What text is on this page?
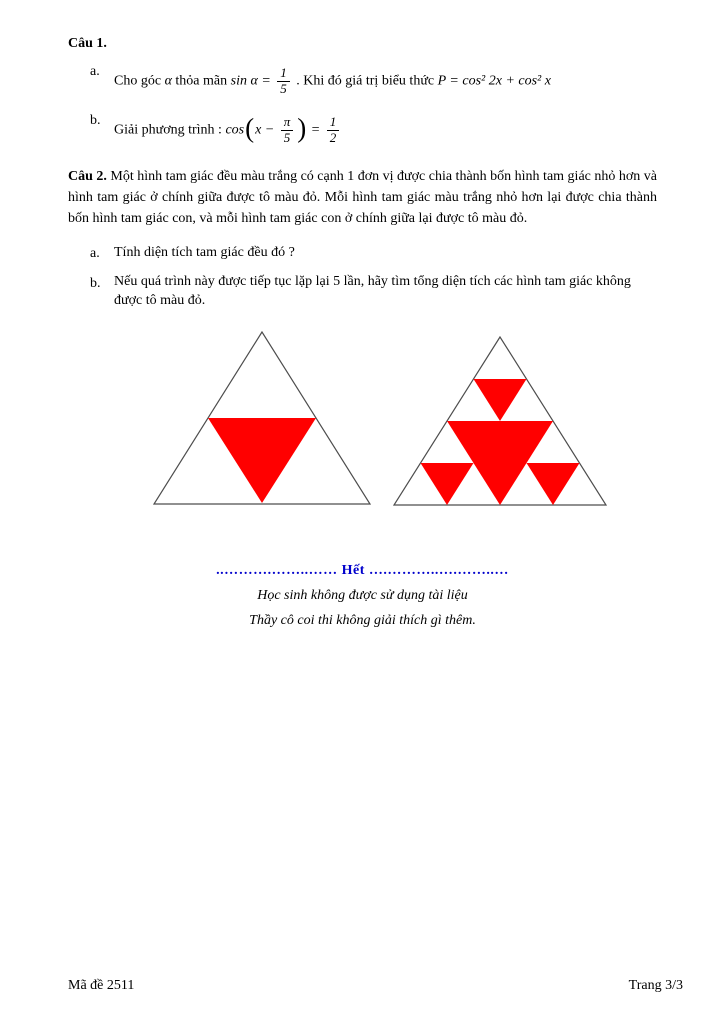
Câu 1.
a.
Cho góc α thỏa mãn $\sin \alpha = \frac{1}{5}$ . Khi đó giá trị biểu thức P = cos² 2x + cos² x
b.
Giải phương trình : $\cos(x - \frac{\pi}{5}$ ) = $\frac{1}{2}$

Câu 2. Một hình tam giác đều màu trắng có cạnh 1 đơn vị được chia thành bốn hình tam giác nhỏ hơn và hình tam giác ở chính giữa được tô màu đỏ. Mỗi hình tam giác màu trắng nhỏ hơn lại được chia thành bốn hình tam giác con, và mỗi hình tam giác con ở chính giữa lại được tô màu đỏ.

a.	Tính diện tích tam giác đều đó ?
b. Nếu quá trình này được tiếp tục lặp lại 5 lần, hãy tìm tổng diện tích các hình tam giác không được tô màu đỏ.
..……….……..…… Hết ….………..….……..…
Học sinh không được sử dụng tài liệu
Thầy cô coi thi không giải thích gì thêm.
Mã đề 2511	Trang 3/3
